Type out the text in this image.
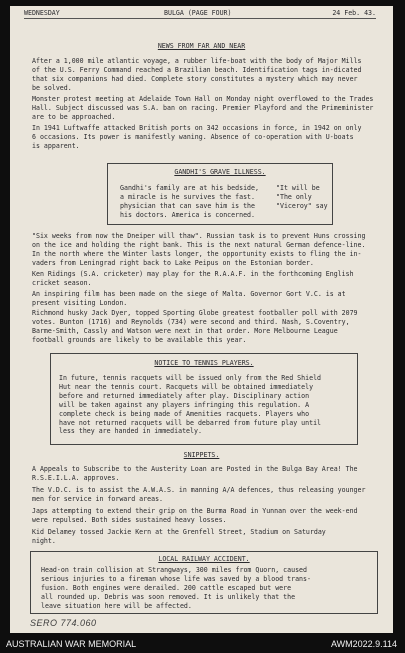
WEDNESDAY	BULGA (PAGE FOUR)	24 Feb. 43.
NEWS FROM FAR AND NEAR

After a 1,000 mile atlantic voyage, a rubber life-boat with the body of Major Mills
of the U.S. Ferry Command reached a Brazilian beach. Identification tags in-dicated
that six companions had died. Complete story constitutes a mystery which may never
be solved.

Monster protest meeting at Adelaide Town Hall on Monday night overflowed to the Trades
Hall. Subject discussed was S.A. ban on racing. Premier Playford and the Primeminister
are to be approached.

In 1941 Luftwaffe attacked British ports on 342 occasions in force, in 1942 on only
6 occasions. Its power is manifestly waning. Absence of co-operation with U-boats
is apparent.

GANDHI'S GRAVE ILLNESS.
Gandhi's family are at his bedside,
a miracle is he survives the fast.
physician that can save him is the
his doctors. America is concerned.
"It will be
"The only
"Viceroy" say

"Six weeks from now the Dneiper will thaw". Russian task is to prevent Huns crossing
on the ice and holding the right bank. This is the next natural German defence-line.
In the north where the Winter lasts longer, the opportunity exists to fling the in-
vaders from Leningrad right back to Lake Peipus on the Estonian border.

Ken Ridings (S.A. cricketer) may play for the R.A.A.F. in the forthcoming English
cricket season.

An inspiring film has been made on the siege of Malta. Governor Gort V.C. is at
present visiting London.

Richmond husky Jack Dyer, topped Sporting Globe greatest footballer poll with 2079
votes. Bunton (1716) and Reynolds (734) were second and third. Nash, S.Coventry,
Barme-Smith, Cassly and Watson were next in that order. More Melbourne League
football grounds are likely to be available this year.

NOTICE TO TENNIS PLAYERS.
In future, tennis racquets will be issued only from the Red Shield
Hut near the tennis court. Racquets will be obtained immediately
before and returned immediately after play. Disciplinary action
will be taken against any players infringing this regulation. A
complete check is being made of Amenities racquets. Players who
have not returned racquets will be debarred from future play until
less they are handed in immediately.
SNIPPETS.

A Appeals to Subscribe to the Austerity Loan are Posted in the Bulga Bay Area! The
R.S.E.I.L.A. approves.

The V.D.C. is to assist the A.W.A.S. in manning A/A defences, thus releasing younger
men for service in forward areas.

Japs attempting to extend their grip on the Burma Road in Yunnan over the week-end
were repulsed. Both sides sustained heavy losses.

Kid Delamey tossed Jackie Kern at the Grenfell Street, Stadium on Saturday
night.

LOCAL RAILWAY ACCIDENT.
Head-on train collision at Strangways, 300 miles from Quorn, caused
serious injuries to a fireman whose life was saved by a blood trans-
fusion. Both engines were derailed. 200 cattle escaped but were
all rounded up. Debris was soon removed. It is unlikely that the
leave situation here will be affected.
SERO 774.060
AUSTRALIAN WAR MEMORIAL	AWM2022.9.114
